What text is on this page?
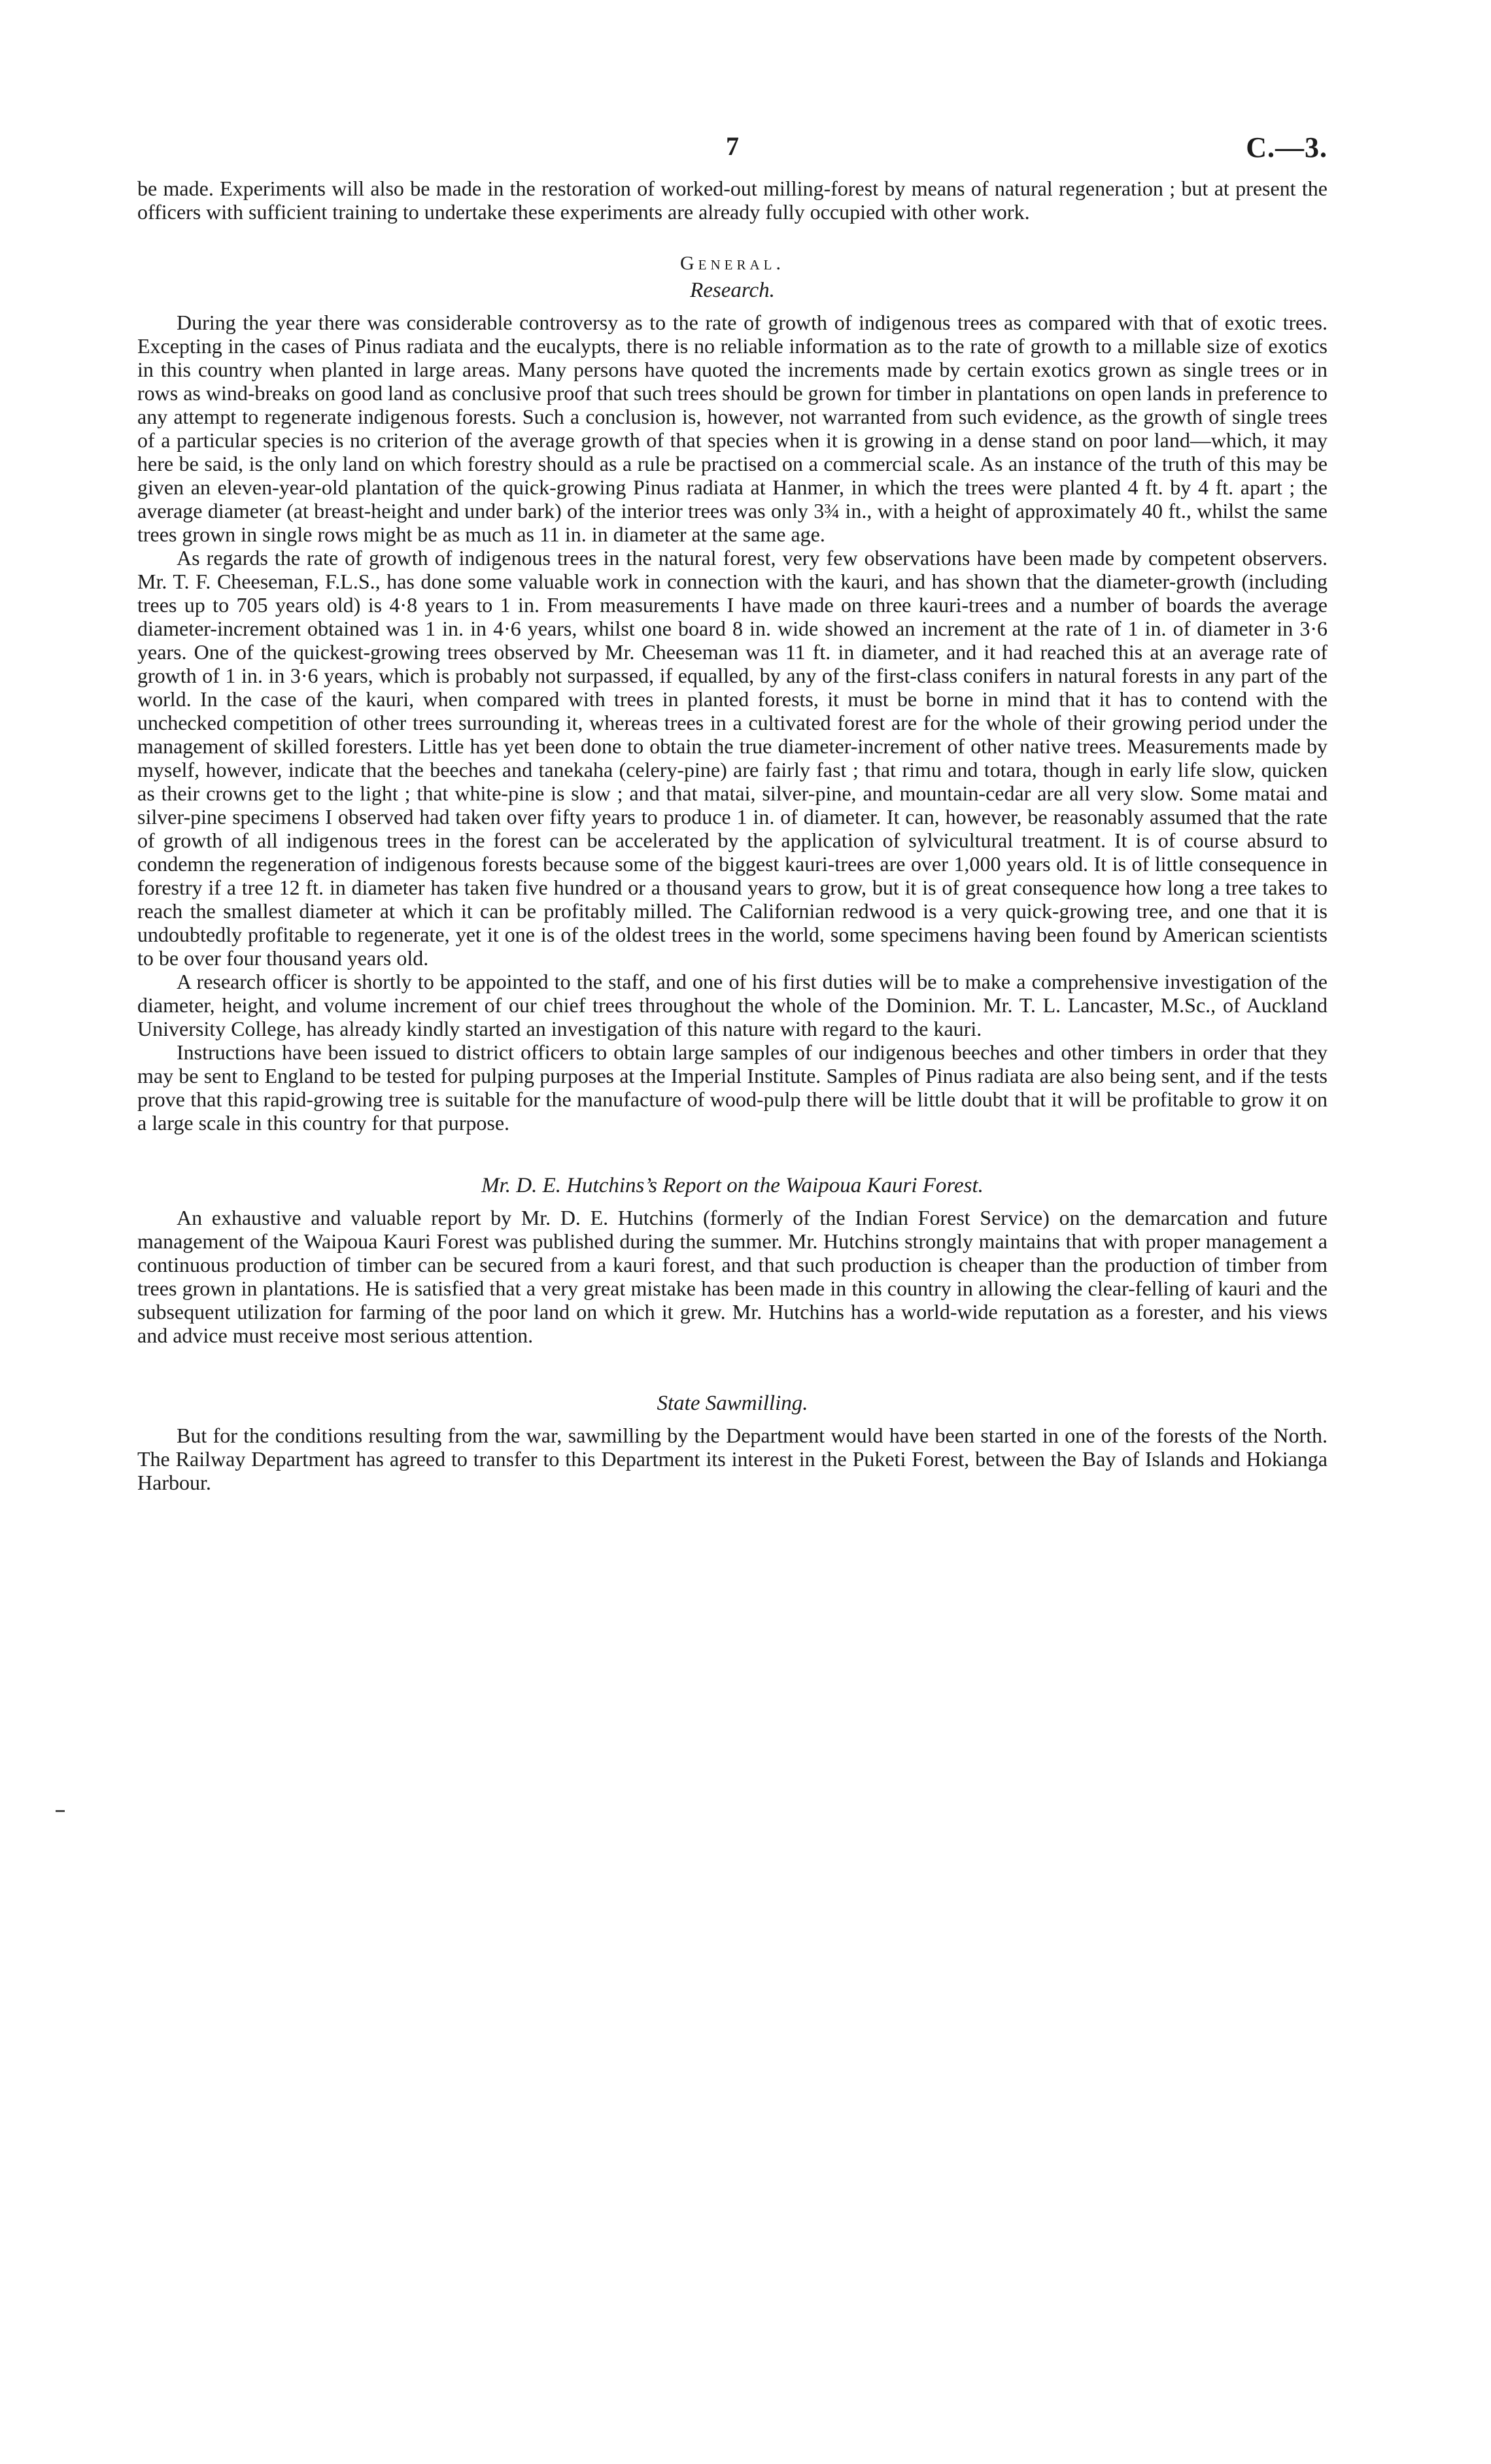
7	C.—3.

be made. Experiments will also be made in the restoration of worked-out milling-forest by means of natural regeneration ; but at present the officers with sufficient training to undertake these experiments are already fully occupied with other work.

General.
Research.

During the year there was considerable controversy as to the rate of growth of indigenous trees as compared with that of exotic trees. Excepting in the cases of Pinus radiata and the eucalypts, there is no reliable information as to the rate of growth to a millable size of exotics in this country when planted in large areas. Many persons have quoted the increments made by certain exotics grown as single trees or in rows as wind-breaks on good land as conclusive proof that such trees should be grown for timber in plantations on open lands in preference to any attempt to regenerate indigenous forests. Such a conclusion is, however, not warranted from such evidence, as the growth of single trees of a particular species is no criterion of the average growth of that species when it is growing in a dense stand on poor land—which, it may here be said, is the only land on which forestry should as a rule be practised on a commercial scale. As an instance of the truth of this may be given an eleven-year-old plantation of the quick-growing Pinus radiata at Hanmer, in which the trees were planted 4 ft. by 4 ft. apart ; the average diameter (at breast-height and under bark) of the interior trees was only 3¾ in., with a height of approximately 40 ft., whilst the same trees grown in single rows might be as much as 11 in. in diameter at the same age.

As regards the rate of growth of indigenous trees in the natural forest, very few observations have been made by competent observers. Mr. T. F. Cheeseman, F.L.S., has done some valuable work in connection with the kauri, and has shown that the diameter-growth (including trees up to 705 years old) is 4·8 years to 1 in. From measurements I have made on three kauri-trees and a number of boards the average diameter-increment obtained was 1 in. in 4·6 years, whilst one board 8 in. wide showed an increment at the rate of 1 in. of diameter in 3·6 years. One of the quickest-growing trees observed by Mr. Cheeseman was 11 ft. in diameter, and it had reached this at an average rate of growth of 1 in. in 3·6 years, which is probably not surpassed, if equalled, by any of the first-class conifers in natural forests in any part of the world. In the case of the kauri, when compared with trees in planted forests, it must be borne in mind that it has to contend with the unchecked competition of other trees surrounding it, whereas trees in a cultivated forest are for the whole of their growing period under the management of skilled foresters. Little has yet been done to obtain the true diameter-increment of other native trees. Measurements made by myself, however, indicate that the beeches and tanekaha (celery-pine) are fairly fast ; that rimu and totara, though in early life slow, quicken as their crowns get to the light ; that white-pine is slow ; and that matai, silver-pine, and mountain-cedar are all very slow. Some matai and silver-pine specimens I observed had taken over fifty years to produce 1 in. of diameter. It can, however, be reasonably assumed that the rate of growth of all indigenous trees in the forest can be accelerated by the application of sylvicultural treatment. It is of course absurd to condemn the regeneration of indigenous forests because some of the biggest kauri-trees are over 1,000 years old. It is of little consequence in forestry if a tree 12 ft. in diameter has taken five hundred or a thousand years to grow, but it is of great consequence how long a tree takes to reach the smallest diameter at which it can be profitably milled. The Californian redwood is a very quick-growing tree, and one that it is undoubtedly profitable to regenerate, yet it one is of the oldest trees in the world, some specimens having been found by American scientists to be over four thousand years old.

A research officer is shortly to be appointed to the staff, and one of his first duties will be to make a comprehensive investigation of the diameter, height, and volume increment of our chief trees throughout the whole of the Dominion. Mr. T. L. Lancaster, M.Sc., of Auckland University College, has already kindly started an investigation of this nature with regard to the kauri.

Instructions have been issued to district officers to obtain large samples of our indigenous beeches and other timbers in order that they may be sent to England to be tested for pulping purposes at the Imperial Institute. Samples of Pinus radiata are also being sent, and if the tests prove that this rapid-growing tree is suitable for the manufacture of wood-pulp there will be little doubt that it will be profitable to grow it on a large scale in this country for that purpose.

Mr. D. E. Hutchins’s Report on the Waipoua Kauri Forest.

An exhaustive and valuable report by Mr. D. E. Hutchins (formerly of the Indian Forest Service) on the demarcation and future management of the Waipoua Kauri Forest was published during the summer. Mr. Hutchins strongly maintains that with proper management a continuous production of timber can be secured from a kauri forest, and that such production is cheaper than the production of timber from trees grown in plantations. He is satisfied that a very great mistake has been made in this country in allowing the clear-felling of kauri and the subsequent utilization for farming of the poor land on which it grew. Mr. Hutchins has a world-wide reputation as a forester, and his views and advice must receive most serious attention.

State Sawmilling.

But for the conditions resulting from the war, sawmilling by the Department would have been started in one of the forests of the North. The Railway Department has agreed to transfer to this Department its interest in the Puketi Forest, between the Bay of Islands and Hokianga Harbour.
